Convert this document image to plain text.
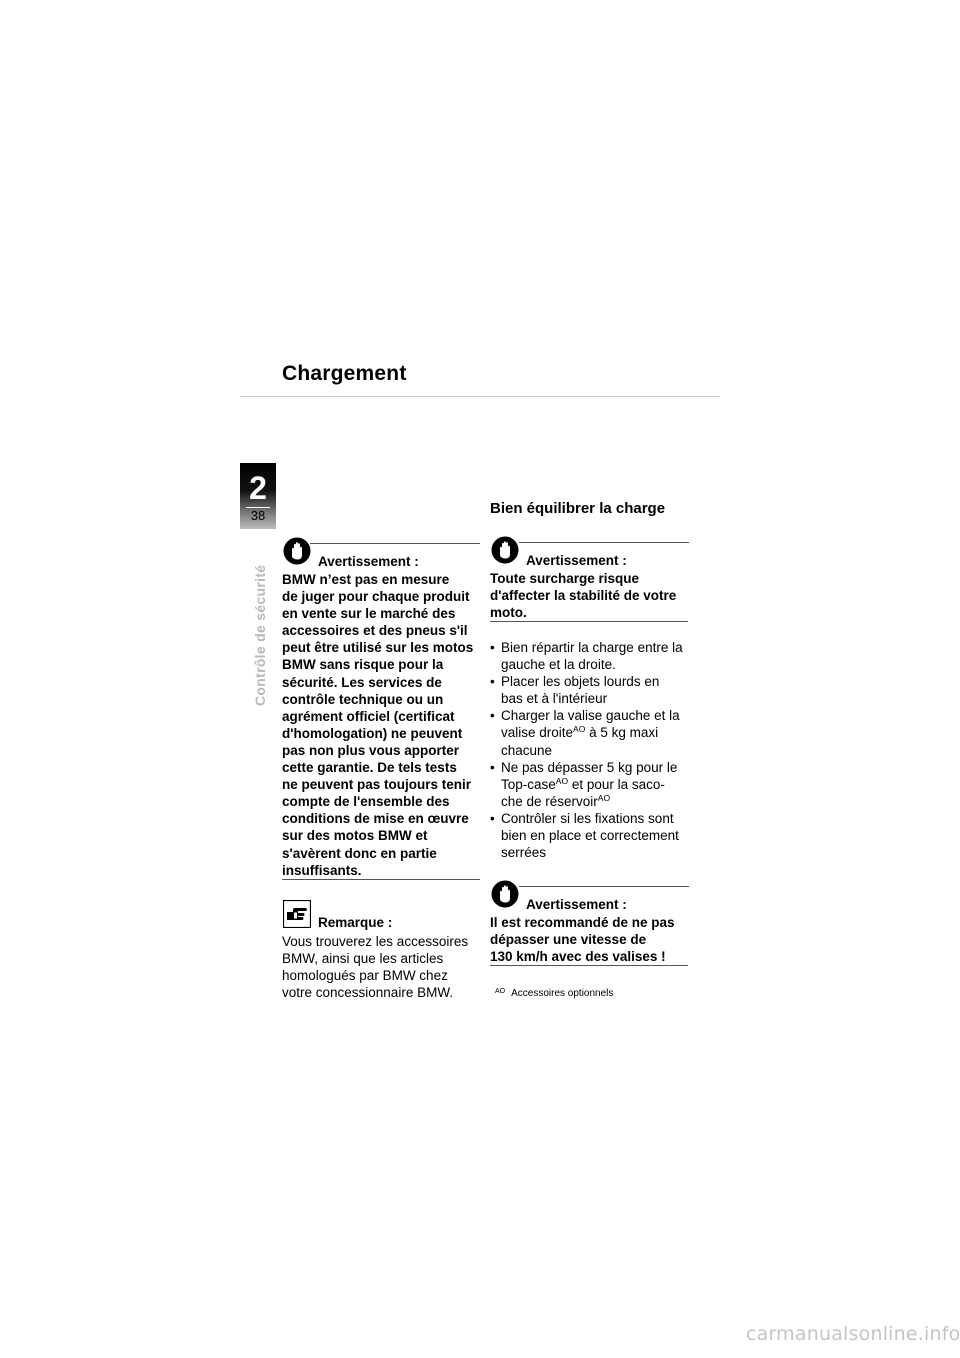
Chargement
2
38
Contrôle de sécurité
Avertissement :
BMW n’est pas en mesure
de juger pour chaque produit
en vente sur le marché des
accessoires et des pneus s'il
peut être utilisé sur les motos
BMW sans risque pour la
sécurité. Les services de
contrôle technique ou un
agrément officiel (certificat
d'homologation) ne peuvent
pas non plus vous apporter
cette garantie. De tels tests
ne peuvent pas toujours tenir
compte de l'ensemble des
conditions de mise en œuvre
sur des motos BMW et
s'avèrent donc en partie
insuffisants.
Remarque :
Vous trouverez les accessoires
BMW, ainsi que les articles
homologués par BMW chez
votre concessionnaire BMW.
Bien équilibrer la charge
Avertissement :
Toute surcharge risque
d'affecter la stabilité de votre
moto.
• Bien répartir la charge entre la
gauche et la droite.
• Placer les objets lourds en
bas et à l'intérieur
• Charger la valise gauche et la
valise droite$^{AO}$ à 5 kg maxi
chacune
• Ne pas dépasser 5 kg pour le
Top-case$^{AO}$ et pour la saco-
che de réservoir$^{AO}$
• Contrôler si les fixations sont
bien en place et correctement
serrées
Avertissement :
Il est recommandé de ne pas
dépasser une vitesse de
130 km/h avec des valises !
$^{AO}$ Accessoires optionnels
carmanualsonline.info
